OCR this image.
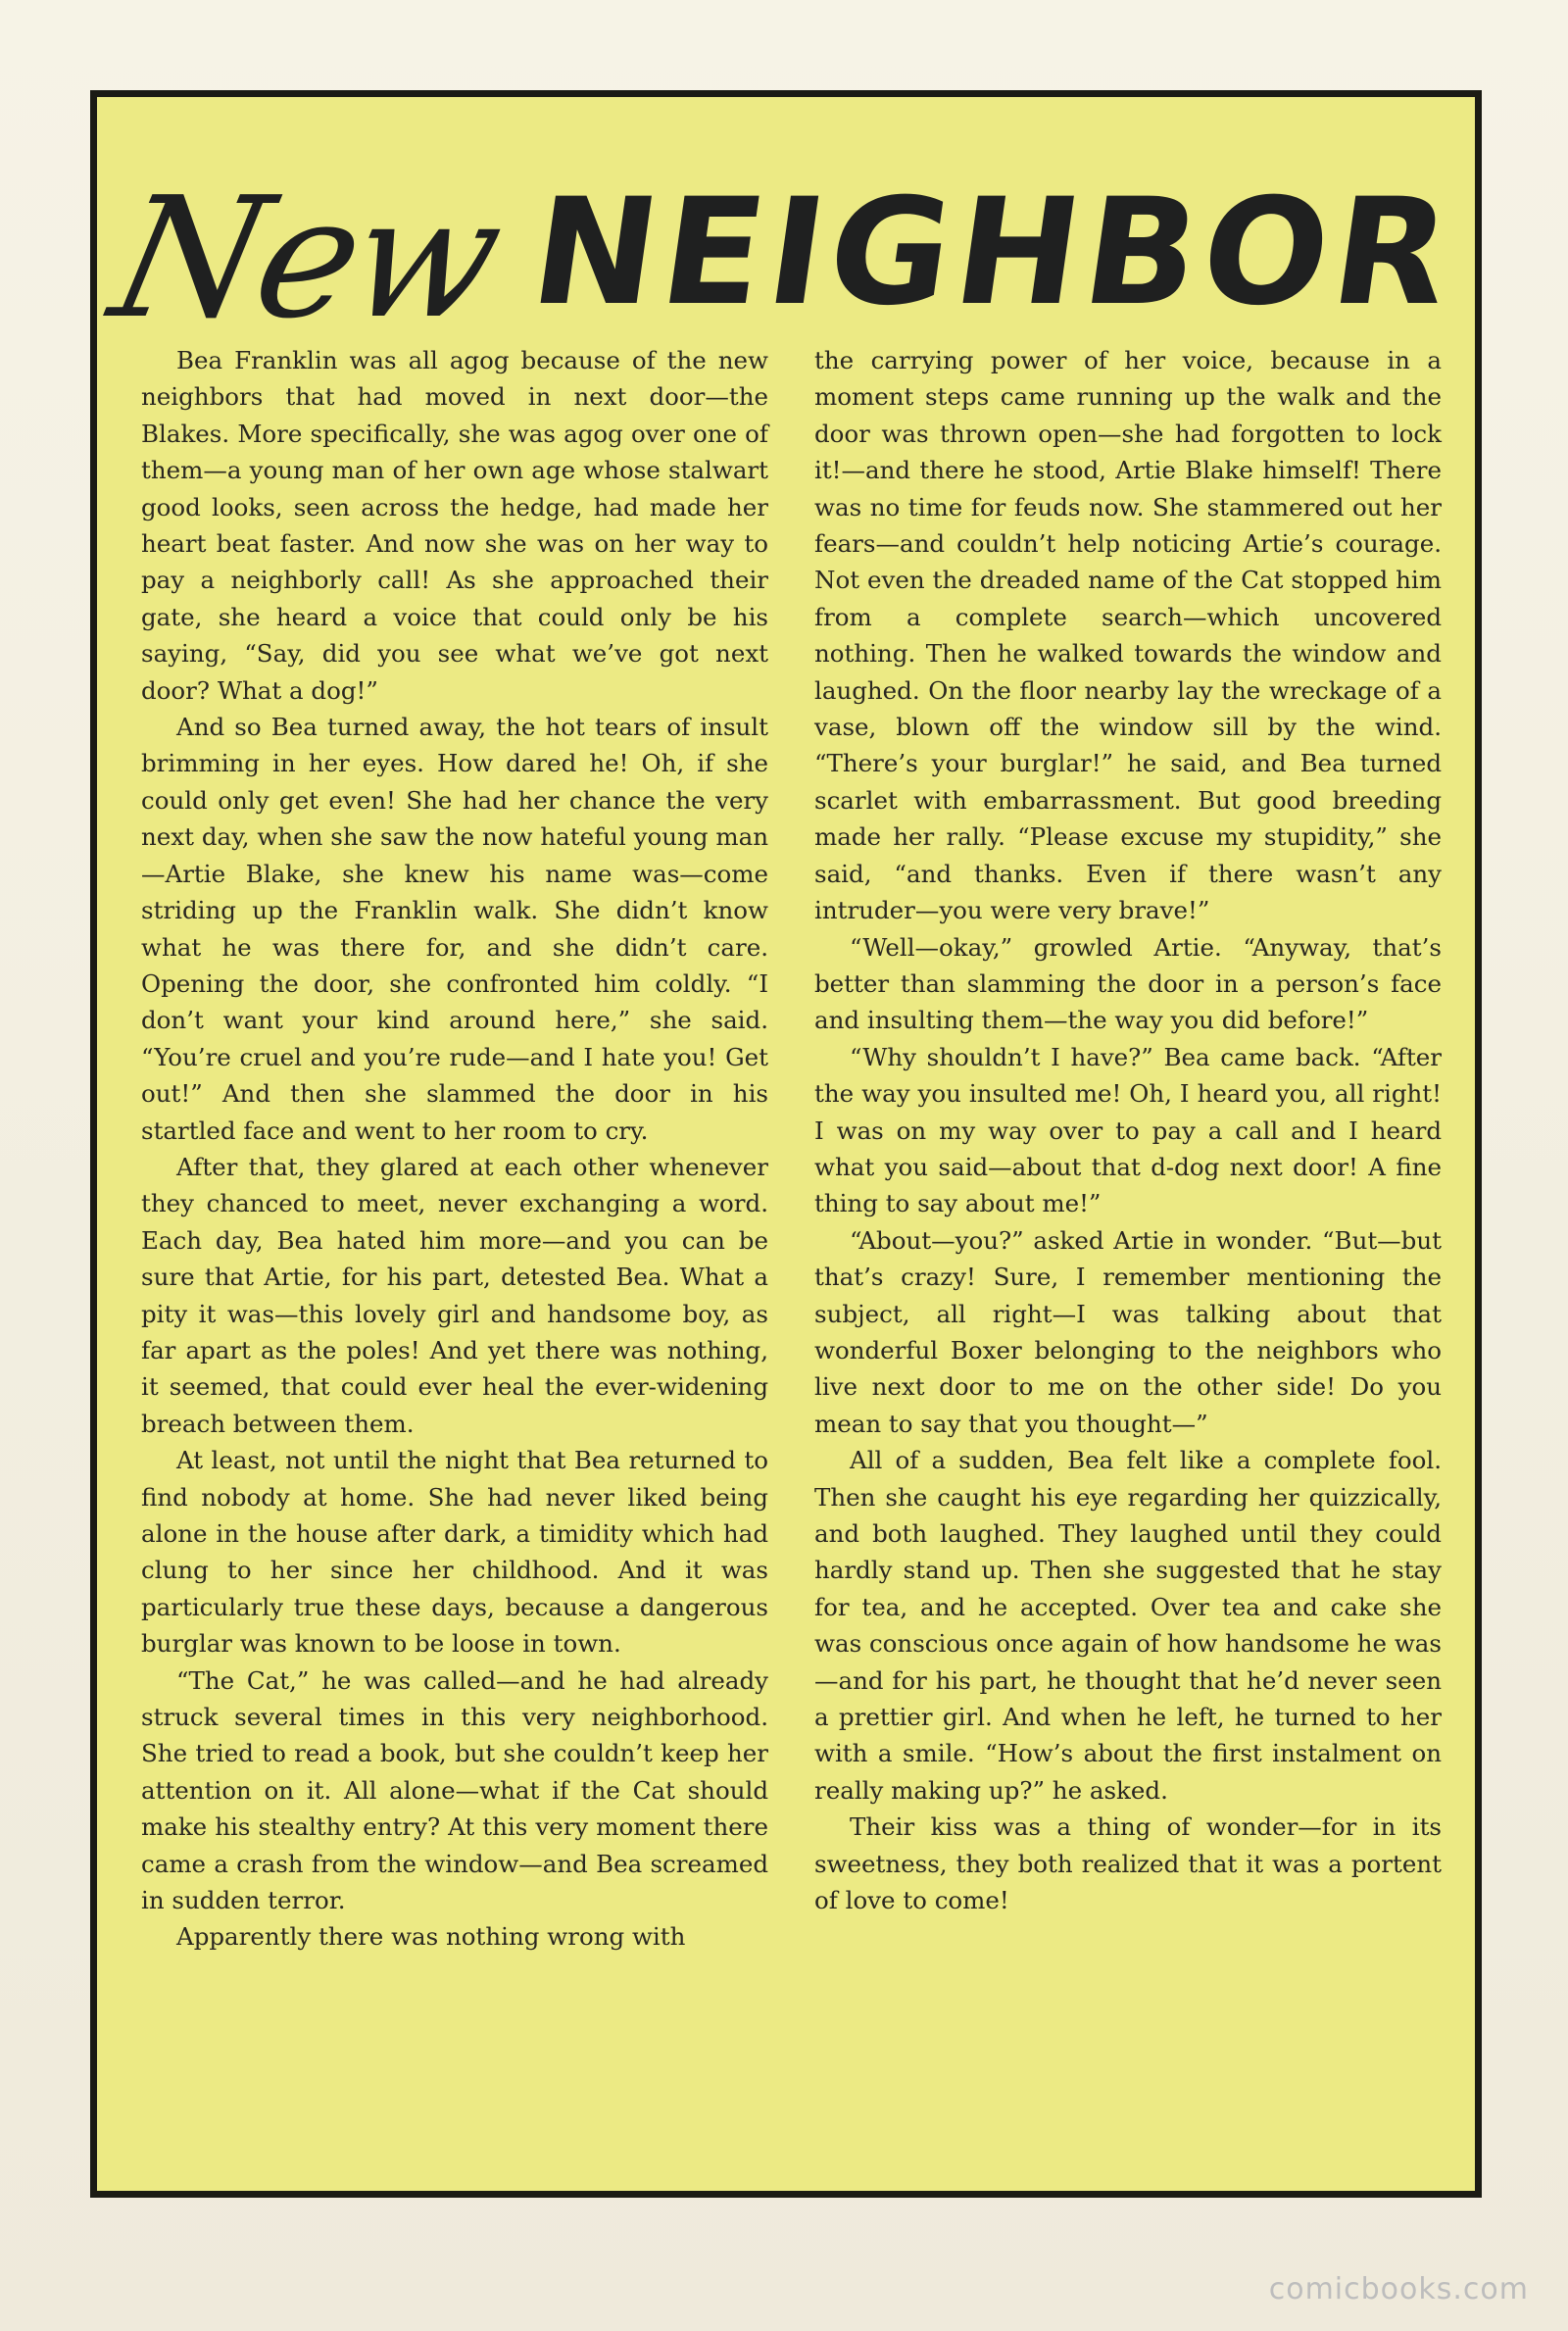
NewNEIGHBOR

Bea Franklin was all agog because of the new neighbors that had moved in next door—the Blakes. More specifically, she was agog over one of them—a young man of her own age whose stalwart good looks, seen across the hedge, had made her heart beat faster. And now she was on her way to pay a neighborly call! As she approached their gate, she heard a voice that could only be his saying, “Say, did you see what we’ve got next door? What a dog!”

And so Bea turned away, the hot tears of insult brimming in her eyes. How dared he! Oh, if she could only get even! She had her chance the very next day, when she saw the now hateful young man—Artie Blake, she knew his name was—come striding up the Franklin walk. She didn’t know what he was there for, and she didn’t care. Opening the door, she confronted him coldly. “I don’t want your kind around here,” she said. “You’re cruel and you’re rude—and I hate you! Get out!” And then she slammed the door in his startled face and went to her room to cry.

After that, they glared at each other whenever they chanced to meet, never exchanging a word. Each day, Bea hated him more—and you can be sure that Artie, for his part, detested Bea. What a pity it was—this lovely girl and handsome boy, as far apart as the poles! And yet there was nothing, it seemed, that could ever heal the ever-widening breach between them.

At least, not until the night that Bea returned to find nobody at home. She had never liked being alone in the house after dark, a timidity which had clung to her since her childhood. And it was particularly true these days, because a dangerous burglar was known to be loose in town.

“The Cat,” he was called—and he had already struck several times in this very neighborhood. She tried to read a book, but she couldn’t keep her attention on it. All alone—what if the Cat should make his stealthy entry? At this very moment there came a crash from the window—and Bea screamed in sudden terror.

Apparently there was nothing wrong with

the carrying power of her voice, because in a moment steps came running up the walk and the door was thrown open—she had forgotten to lock it!—and there he stood, Artie Blake himself! There was no time for feuds now. She stammered out her fears—and couldn’t help noticing Artie’s courage. Not even the dreaded name of the Cat stopped him from a complete search—which uncovered nothing. Then he walked towards the window and laughed. On the floor nearby lay the wreckage of a vase, blown off the window sill by the wind. “There’s your burglar!” he said, and Bea turned scarlet with embarrassment. But good breeding made her rally. “Please excuse my stupidity,” she said, “and thanks. Even if there wasn’t any intruder—you were very brave!”

“Well—okay,” growled Artie. “Anyway, that’s better than slamming the door in a person’s face and insulting them—the way you did before!”

“Why shouldn’t I have?” Bea came back. “After the way you insulted me! Oh, I heard you, all right! I was on my way over to pay a call and I heard what you said—about that d-dog next door! A fine thing to say about me!”

“About—you?” asked Artie in wonder. “But—but that’s crazy! Sure, I remember mentioning the subject, all right—I was talking about that wonderful Boxer belonging to the neighbors who live next door to me on the other side! Do you mean to say that you thought—”

All of a sudden, Bea felt like a complete fool. Then she caught his eye regarding her quizzically, and both laughed. They laughed until they could hardly stand up. Then she suggested that he stay for tea, and he accepted. Over tea and cake she was conscious once again of how handsome he was—and for his part, he thought that he’d never seen a prettier girl. And when he left, he turned to her with a smile. “How’s about the first instalment on really making up?” he asked.

Their kiss was a thing of wonder—for in its sweetness, they both realized that it was a portent of love to come!

comicbooks.com
